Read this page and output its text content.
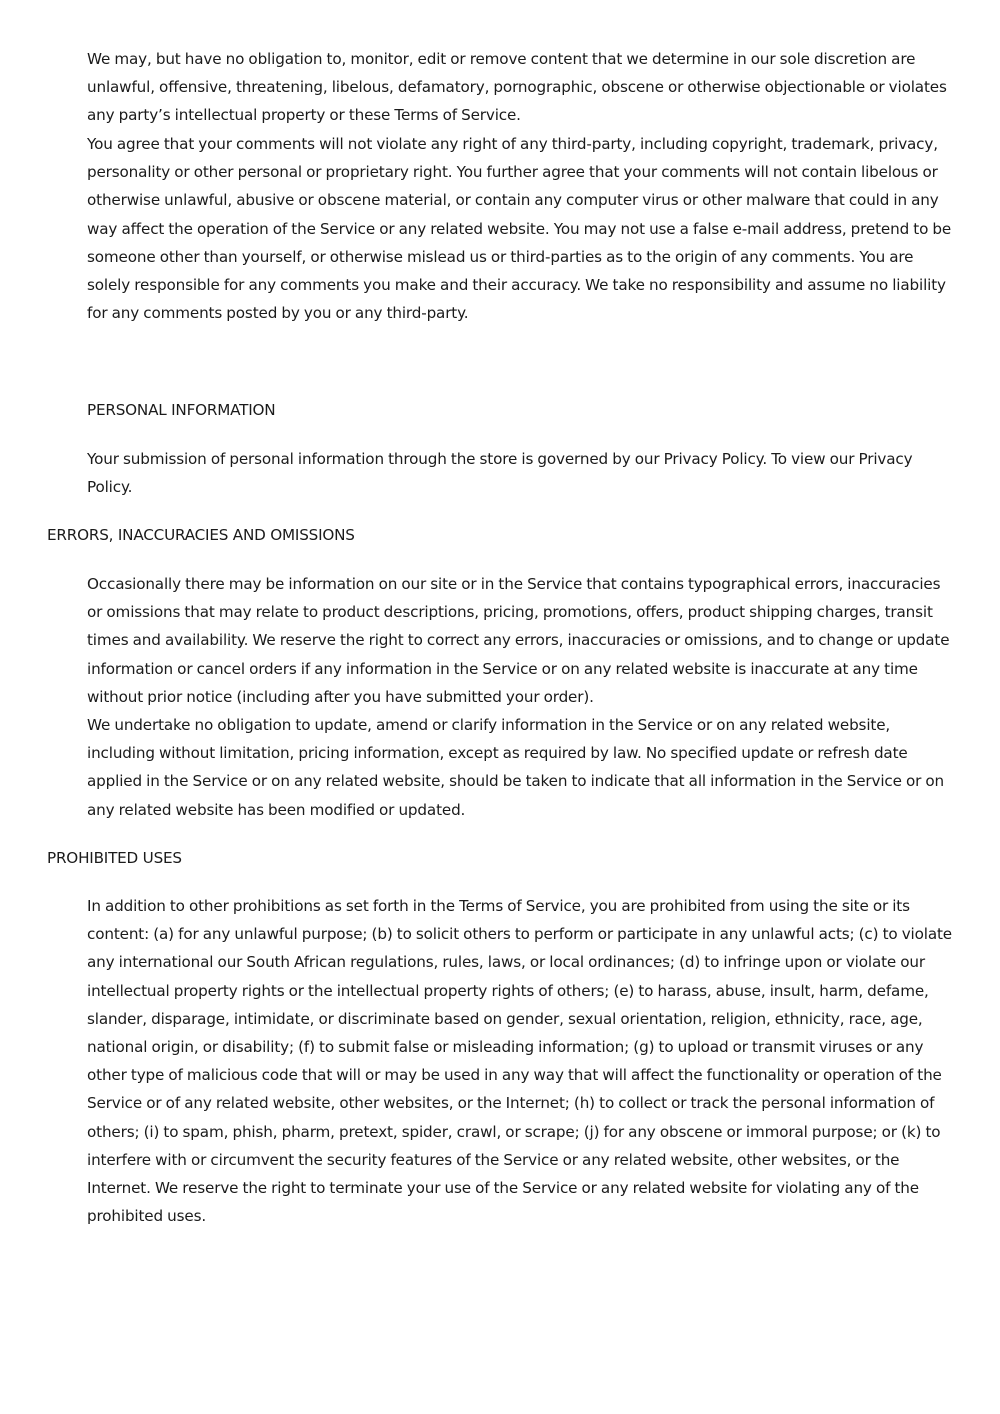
We may, but have no obligation to, monitor, edit or remove content that we determine in our sole discretion are unlawful, offensive, threatening, libelous, defamatory, pornographic, obscene or otherwise objectionable or violates any party’s intellectual property or these Terms of Service.

You agree that your comments will not violate any right of any third-party, including copyright, trademark, privacy, personality or other personal or proprietary right. You further agree that your comments will not contain libelous or otherwise unlawful, abusive or obscene material, or contain any computer virus or other malware that could in any way affect the operation of the Service or any related website. You may not use a false e-mail address, pretend to be someone other than yourself, or otherwise mislead us or third-parties as to the origin of any comments. You are solely responsible for any comments you make and their accuracy. We take no responsibility and assume no liability for any comments posted by you or any third-party.

PERSONAL INFORMATION

Your submission of personal information through the store is governed by our Privacy Policy. To view our Privacy Policy.

ERRORS, INACCURACIES AND OMISSIONS

Occasionally there may be information on our site or in the Service that contains typographical errors, inaccuracies or omissions that may relate to product descriptions, pricing, promotions, offers, product shipping charges, transit times and availability. We reserve the right to correct any errors, inaccuracies or omissions, and to change or update information or cancel orders if any information in the Service or on any related website is inaccurate at any time without prior notice (including after you have submitted your order).

We undertake no obligation to update, amend or clarify information in the Service or on any related website, including without limitation, pricing information, except as required by law. No specified update or refresh date applied in the Service or on any related website, should be taken to indicate that all information in the Service or on any related website has been modified or updated.

PROHIBITED USES

In addition to other prohibitions as set forth in the Terms of Service, you are prohibited from using the site or its content: (a) for any unlawful purpose; (b) to solicit others to perform or participate in any unlawful acts; (c) to violate any international our South African regulations, rules, laws, or local ordinances; (d) to infringe upon or violate our intellectual property rights or the intellectual property rights of others; (e) to harass, abuse, insult, harm, defame, slander, disparage, intimidate, or discriminate based on gender, sexual orientation, religion, ethnicity, race, age, national origin, or disability; (f) to submit false or misleading information; (g) to upload or transmit viruses or any other type of malicious code that will or may be used in any way that will affect the functionality or operation of the Service or of any related website, other websites, or the Internet; (h) to collect or track the personal information of others; (i) to spam, phish, pharm, pretext, spider, crawl, or scrape; (j) for any obscene or immoral purpose; or (k) to interfere with or circumvent the security features of the Service or any related website, other websites, or the Internet. We reserve the right to terminate your use of the Service or any related website for violating any of the prohibited uses.
